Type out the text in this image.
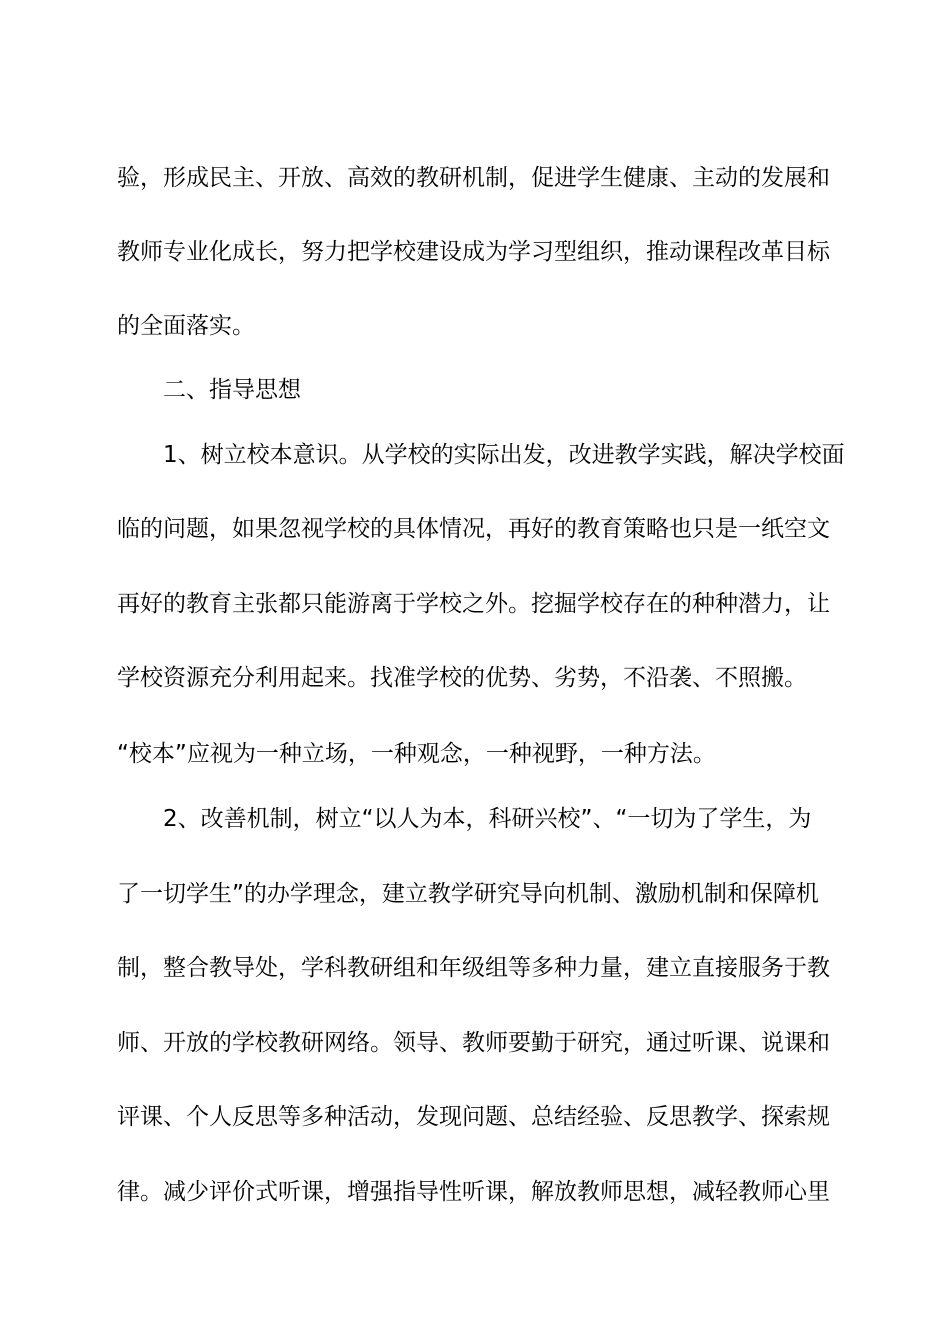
验，形成民主、开放、高效的教研机制，促进学生健康、主动的发展和
教师专业化成长，努力把学校建设成为学习型组织，推动课程改革目标
的全面落实。
二、指导思想
1、树立校本意识。从学校的实际出发，改进教学实践，解决学校面
临的问题，如果忽视学校的具体情况，再好的教育策略也只是一纸空文
再好的教育主张都只能游离于学校之外。挖掘学校存在的种种潜力，让
学校资源充分利用起来。找准学校的优势、劣势，不沿袭、不照搬。
“校本”应视为一种立场，一种观念，一种视野，一种方法。
2、改善机制，树立“以人为本，科研兴校”、“一切为了学生，为
了一切学生”的办学理念，建立教学研究导向机制、激励机制和保障机
制，整合教导处，学科教研组和年级组等多种力量，建立直接服务于教
师、开放的学校教研网络。领导、教师要勤于研究，通过听课、说课和
评课、个人反思等多种活动，发现问题、总结经验、反思教学、探索规
律。减少评价式听课，增强指导性听课，解放教师思想，减轻教师心里
